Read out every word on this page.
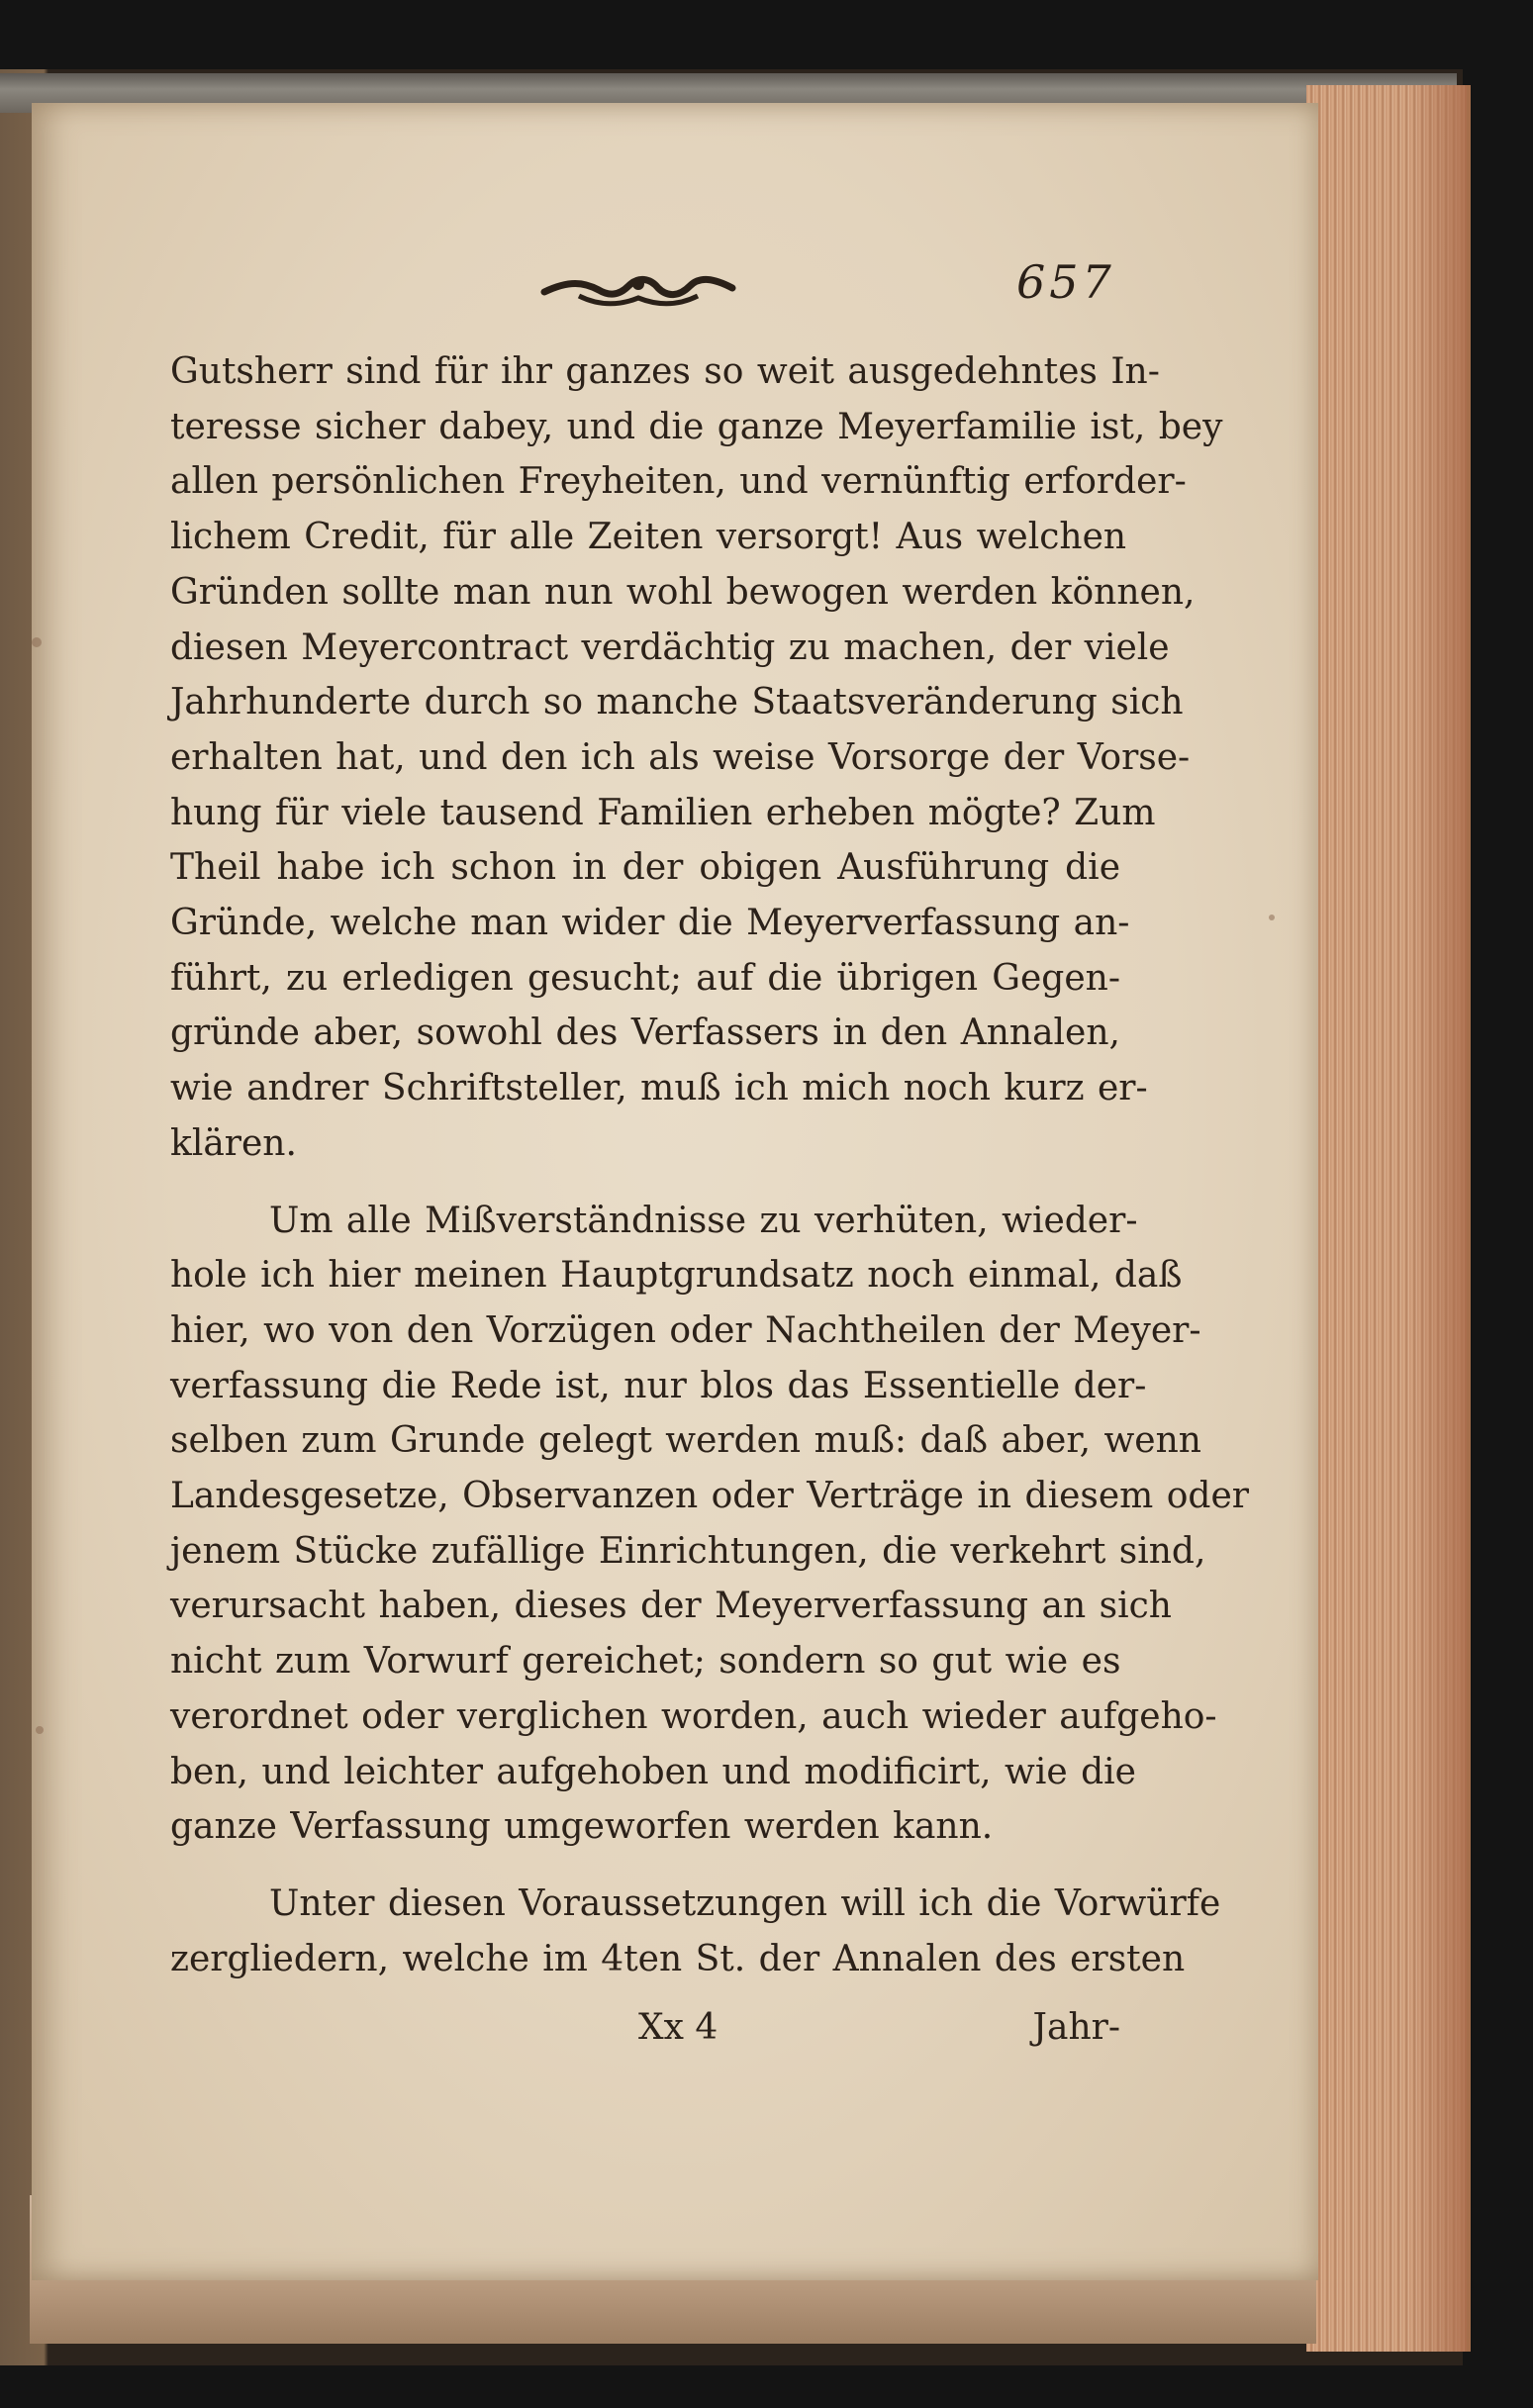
657
Gutsherr sind für ihr ganzes so weit ausgedehntes In-
teresse sicher dabey, und die ganze Meyerfamilie ist, bey
allen persönlichen Freyheiten, und vernünftig erforder-
lichem Credit, für alle Zeiten versorgt! Aus welchen
Gründen sollte man nun wohl bewogen werden können,
diesen Meyercontract verdächtig zu machen, der viele
Jahrhunderte durch so manche Staatsveränderung sich
erhalten hat, und den ich als weise Vorsorge der Vorse-
hung für viele tausend Familien erheben mögte? Zum
Theil habe ich schon in der obigen Ausführung die
Gründe, welche man wider die Meyerverfassung an-
führt, zu erledigen gesucht; auf die übrigen Gegen-
gründe aber, sowohl des Verfassers in den Annalen,
wie andrer Schriftsteller, muß ich mich noch kurz er-
klären.
Um alle Mißverständnisse zu verhüten, wieder-
hole ich hier meinen Hauptgrundsatz noch einmal, daß
hier, wo von den Vorzügen oder Nachtheilen der Meyer-
verfassung die Rede ist, nur blos das Essentielle der-
selben zum Grunde gelegt werden muß: daß aber, wenn
Landesgesetze, Observanzen oder Verträge in diesem oder
jenem Stücke zufällige Einrichtungen, die verkehrt sind,
verursacht haben, dieses der Meyerverfassung an sich
nicht zum Vorwurf gereichet; sondern so gut wie es
verordnet oder verglichen worden, auch wieder aufgeho-
ben, und leichter aufgehoben und modificirt, wie die
ganze Verfassung umgeworfen werden kann.
Unter diesen Voraussetzungen will ich die Vorwürfe
zergliedern, welche im 4ten St. der Annalen des ersten
Xx 4	Jahr-
